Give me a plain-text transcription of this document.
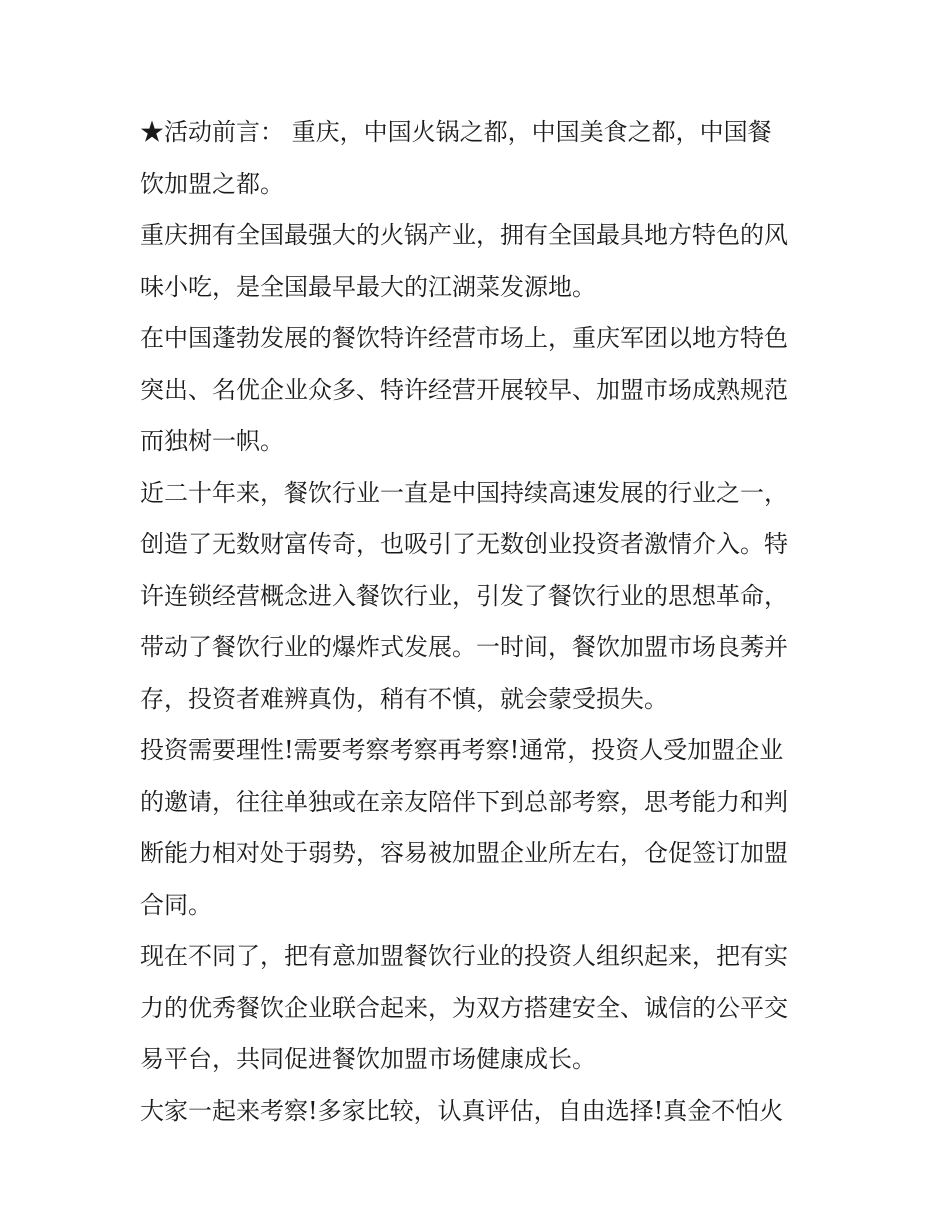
★活动前言： 重庆，中国火锅之都，中国美食之都，中国餐
饮加盟之都。
重庆拥有全国最强大的火锅产业，拥有全国最具地方特色的风
味小吃，是全国最早最大的江湖菜发源地。
在中国蓬勃发展的餐饮特许经营市场上，重庆军团以地方特色
突出、名优企业众多、特许经营开展较早、加盟市场成熟规范
而独树一帜。
近二十年来，餐饮行业一直是中国持续高速发展的行业之一，
创造了无数财富传奇，也吸引了无数创业投资者激情介入。特
许连锁经营概念进入餐饮行业，引发了餐饮行业的思想革命，
带动了餐饮行业的爆炸式发展。一时间，餐饮加盟市场良莠并
存，投资者难辨真伪，稍有不慎，就会蒙受损失。
投资需要理性!需要考察考察再考察!通常，投资人受加盟企业
的邀请，往往单独或在亲友陪伴下到总部考察，思考能力和判
断能力相对处于弱势，容易被加盟企业所左右，仓促签订加盟
合同。
现在不同了，把有意加盟餐饮行业的投资人组织起来，把有实
力的优秀餐饮企业联合起来，为双方搭建安全、诚信的公平交
易平台，共同促进餐饮加盟市场健康成长。
大家一起来考察!多家比较，认真评估，自由选择!真金不怕火
